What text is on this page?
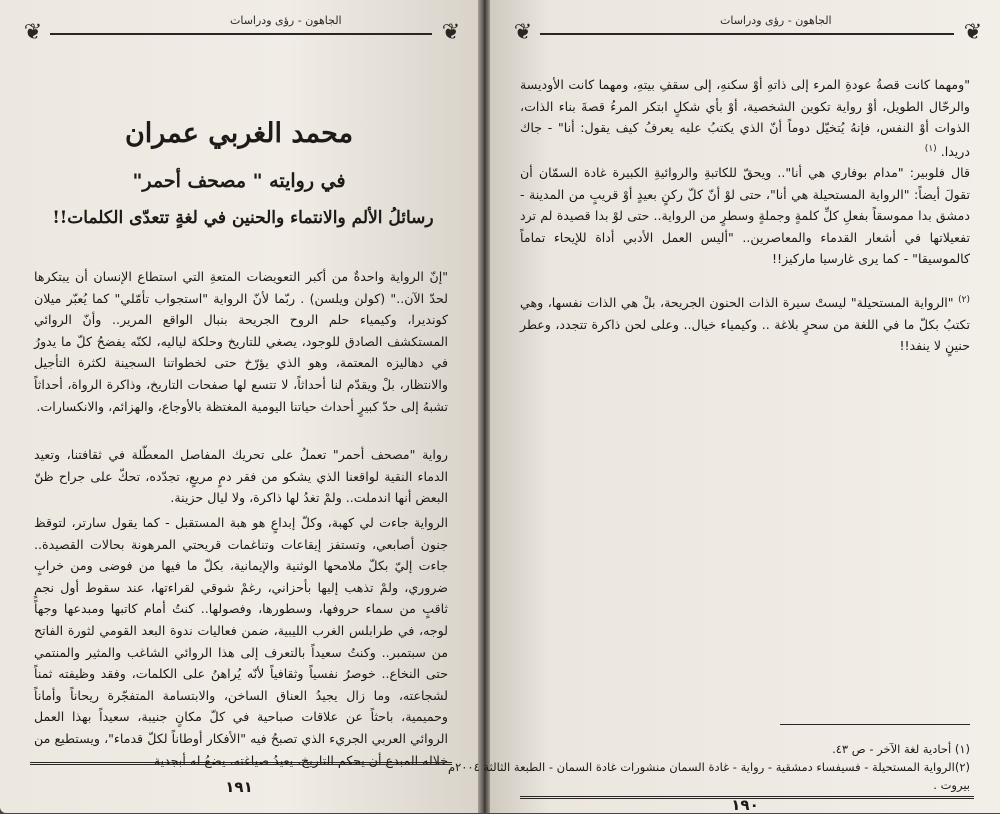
❦	الجاهون - رؤى ودراسات	❦
محمد الغربي عمران
في روايته " مصحف أحمر"
رسائلُ الألم والانتماء والحنين في لغةٍ تتعدّى الكلمات!!
"إنّ الرواية واحدةٌ من أكبر التعويضات المتعةِ التي استطاع الإنسان أن يبتكرها لحدّ الآن.." (كولن ويلسن) . ربّما لأنّ الرواية "استجواب تأمّلي" كما يُعبّر ميلان كونديرا، وكيمياء حلم الروح الجريحة بنبال الواقع المرير.. وأنّ الروائي المستكشف الصادق للوجود، يصغي للتاريخ وحلكة لياليه، لكنّه يفضحُ كلّ ما يدورُ في دهاليزه المعتمة، وهو الذي يؤرّخ حتى لخطواتنا السجينة لكثرة التأجيل والانتظار، بلْ ويقدّم لنا أحداثاً، لا تتسع لها صفحات التاريخ، وذاكرة الرواة، أحداثاً تشبهُ إلى حدّ كبيرٍ أحداث حياتنا اليومية المغتظة بالأوجاع، والهزائم، والانكسارات.
رواية "مصحف أحمر" تعملُ على تحريك المفاصل المعطّلة في ثقافتنا، وتعيد الدماء النقية لواقعنا الذي يشكو من فقر دمٍ مريعٍ، تجدّده، تحكّ على جراح ظنّ البعض أنها اندملت.. ولمْ تغدُ لها ذاكرة، ولا ليال حزينة.
الرواية جاءت لي كهبة، وكلّ إبداعٍ هو هبة المستقبل - كما يقول سارتر، لتوقظ جنون أصابعي، وتستفز إيقاعات وتناغمات قريحتي المرهونة بحالات القصيدة.. جاءت إليّ بكلّ ملامحها الوثنية والإيمانية، بكلّ ما فيها من فوضى ومن خرابٍ ضروري، ولمْ تذهب إليها بأحزاني، رغمْ شوقي لقراءتها، عند سقوط أول نجمٍ ثاقبٍ من سماء حروفها، وسطورها، وفصولها.. كنتُ أمام كاتبها ومبدعها وجهاً لوجه، في طرابلس الغرب الليبية، ضمن فعاليات ندوة البعد القومي لثورة الفاتح من سبتمبر.. وكنتُ سعيداً بالتعرف إلى هذا الروائي الشاغب والمثير والمنتمي حتى النخاع.. خوصرُ نفسياً وثقافياً لأنّه يُراهنُ على الكلمات، وفقد وظيفته ثمناً لشجاعته، وما زال يجيدُ العناق الساخن، والابتسامة المتفجّرة ريحاناً وأماناً وحميمية، باحثاً عن علاقات صباحية في كلّ مكانٍ جنيبة، سعيداً بهذا العمل الروائي العربي الجريء الذي تصبحُ فيه "الأفكار أوطاناً لكلّ قدماء"، ويستطيع من خلاله المبدع أن يحكم التاريخ، يعيدُ صياغته، يضعُ له أبجدية
١٩١
❦	الجاهون - رؤى ودراسات	❦
"ومهما كانت قصةُ عودةِ المرء إلى ذاتهِ أوْ سكنهِ، إلى سقفِ بيتهِ، ومهما كانت الأوديسة والرحّال الطويل، أوْ رواية تكوين الشخصية، أوْ بأي شكلٍ ابتكر المرءُ قصةَ بناء الذات، الذوات أوْ النفس، فإنهُ يُتخيّل دوماً أنّ الذي يكتبُ عليه يعرفُ كيف يقول: أنا" - جاك دريدا. $^{(١)}$
قال فلوبير: "مدام بوفاري هي أنا".. ويحقّ للكاتبةِ والروائيةِ الكبيرة غادة السمّان أن تقولَ أيضاً: "الرواية المستحيلة هي أنا"، حتى لوْ أنّ كلّ ركنٍ بعيدٍ أوْ قريبٍ من المدينة - دمشق بدا مموسقاً بفعلِ كلِّ كلمةٍ وجملةٍ وسطرٍ من الرواية.. حتى لوْ بدا قصيدة لم ترد تفعيلاتها في أشعار القدماء والمعاصرين.. "أليس العمل الأدبي أداة للإيحاء تماماً كالموسيقا" - كما يرى غارسيا ماركيز!!
$^{(٢)}$ "الرواية المستحيلة" ليستْ سيرة الذات الحنون الجريحة، بلْ هي الذات نفسها، وهي تكتبُ بكلّ ما في اللغة من سحرٍ بلاغة .. وكيمياء خيال.. وعلى لحن ذاكرة تتجدد، وعطر حنينٍ لا ينفد!!
(١) أحادية لغة الآخر - ص ٤٣.
(٢)الرواية المستحيلة - فسيفساء دمشقية - رواية - غادة السمان منشورات غادة السمان - الطبعة الثالثة ٢٠٠٤م
بيروت .
١٩٠
